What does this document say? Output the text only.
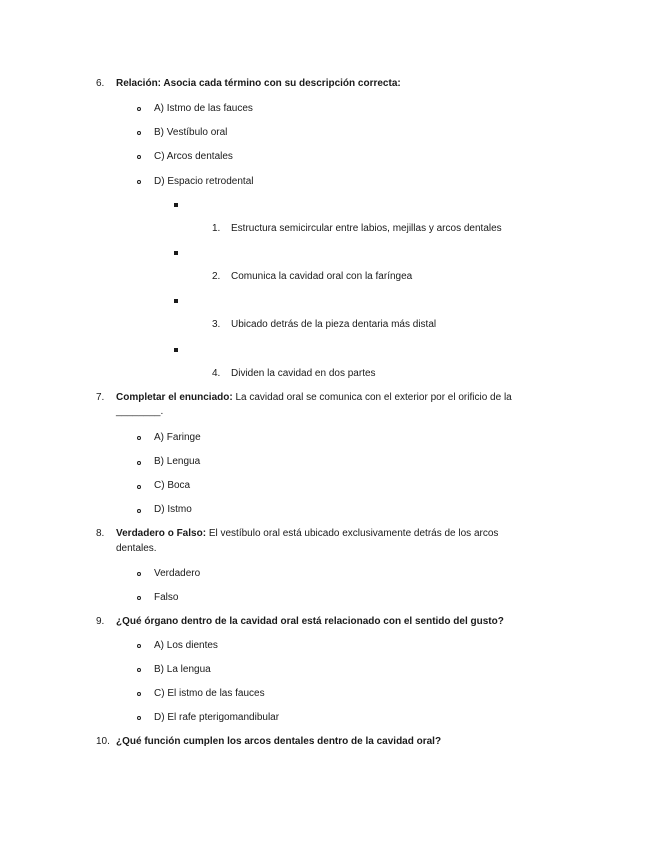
6. Relación: Asocia cada término con su descripción correcta:
A) Istmo de las fauces
B) Vestíbulo oral
C) Arcos dentales
D) Espacio retrodental
1. Estructura semicircular entre labios, mejillas y arcos dentales
2. Comunica la cavidad oral con la faríngea
3. Ubicado detrás de la pieza dentaria más distal
4. Dividen la cavidad en dos partes
7. Completar el enunciado: La cavidad oral se comunica con el exterior por el orificio de la
________.
A) Faringe
B) Lengua
C) Boca
D) Istmo
8. Verdadero o Falso: El vestíbulo oral está ubicado exclusivamente detrás de los arcos
dentales.
Verdadero
Falso
9. ¿Qué órgano dentro de la cavidad oral está relacionado con el sentido del gusto?
A) Los dientes
B) La lengua
C) El istmo de las fauces
D) El rafe pterigomandibular
10. ¿Qué función cumplen los arcos dentales dentro de la cavidad oral?
